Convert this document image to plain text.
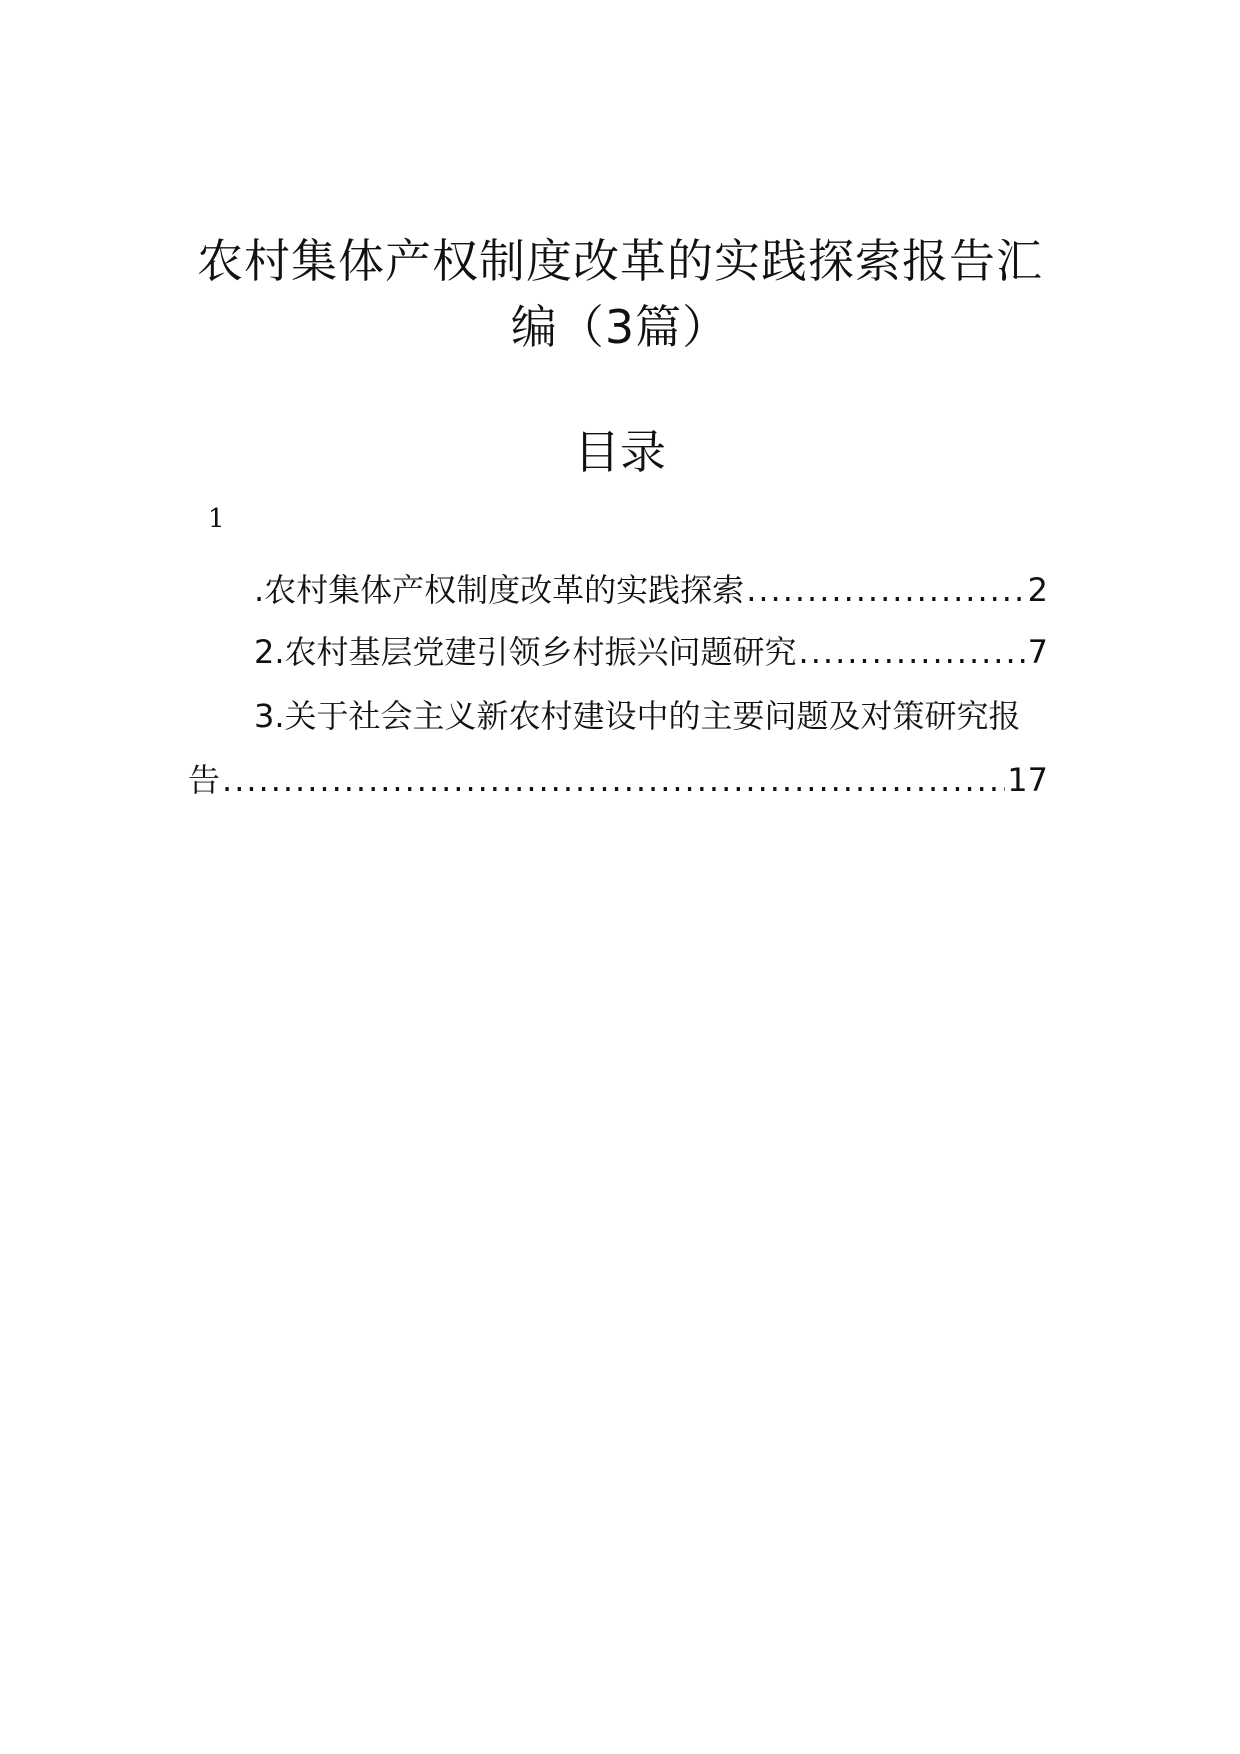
农村集体产权制度改革的实践探索报告汇
编（3篇）
目录
1
.农村集体产权制度改革的实践探索 .....	2
2.农村基层党建引领乡村振兴问题研究 .....	7
3.关于社会主义新农村建设中的主要问题及对策研究报
告 .....	17
